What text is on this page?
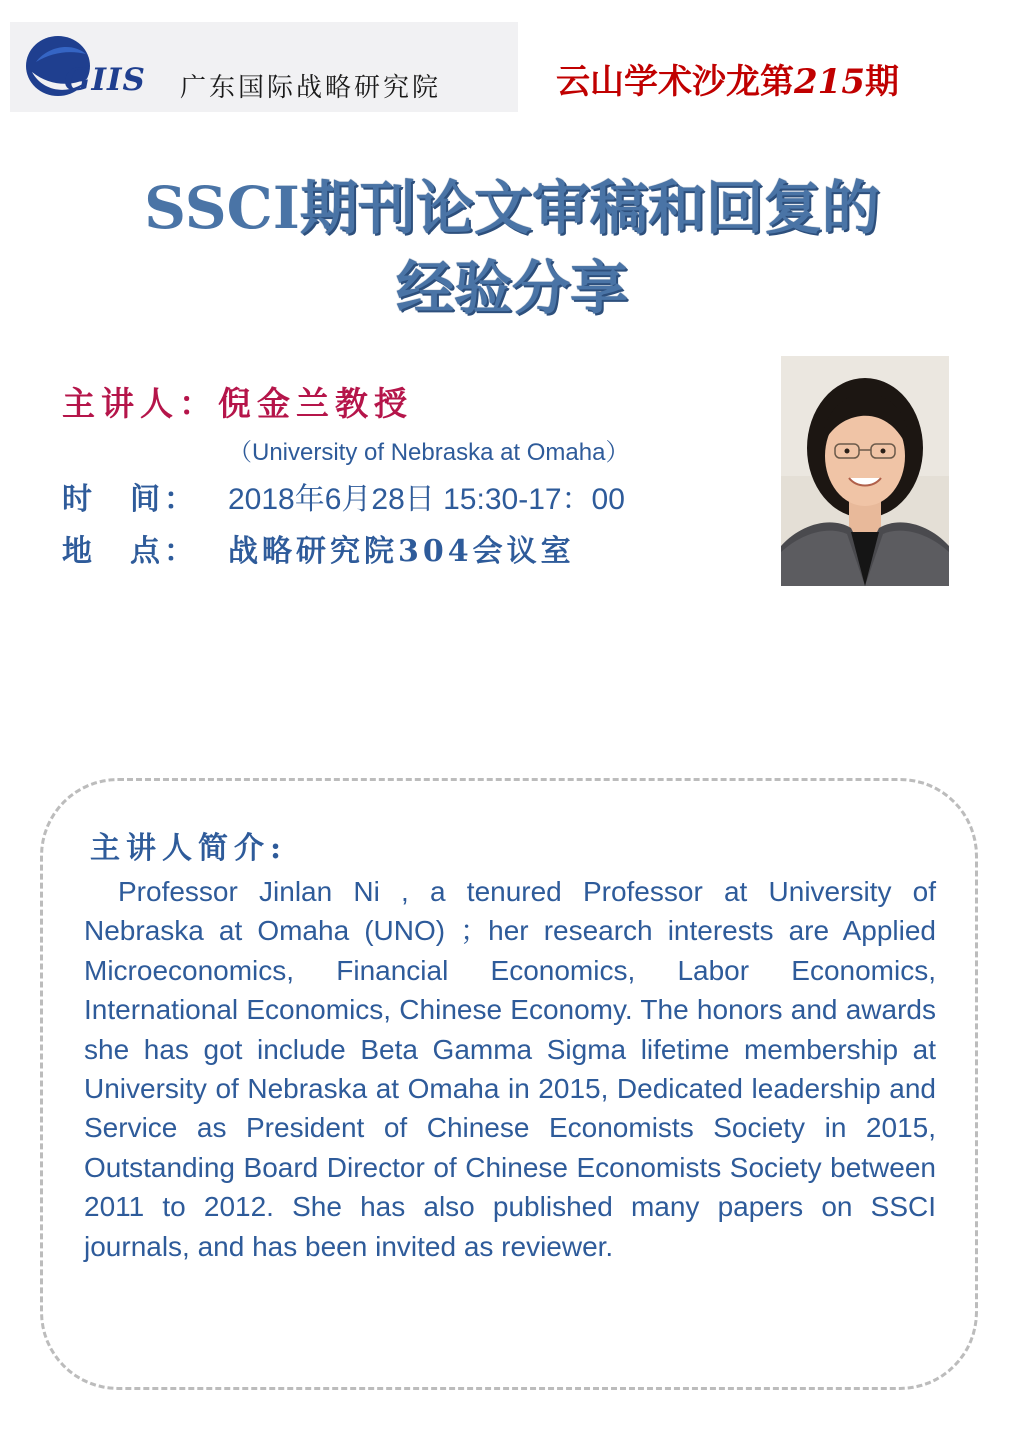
GIIS 广东国际战略研究院	云山学术沙龙第215期
SSCI期刊论文审稿和回复的
经验分享
主讲人：倪金兰教授
（University of Nebraska at Omaha）
时　间： 2018年6月28日 15:30-17：00
地　点： 战略研究院304会议室
主讲人简介:

Professor Jinlan Ni , a tenured Professor at University of Nebraska at Omaha (UNO) ；her research interests are Applied Microeconomics, Financial Economics, Labor Economics, International Economics, Chinese Economy. The honors and awards she has got include Beta Gamma Sigma lifetime membership at University of Nebraska at Omaha in 2015, Dedicated leadership and Service as President of Chinese Economists Society in 2015, Outstanding Board Director of Chinese Economists Society between 2011 to 2012. She has also published many papers on SSCI journals, and has been invited as reviewer.
